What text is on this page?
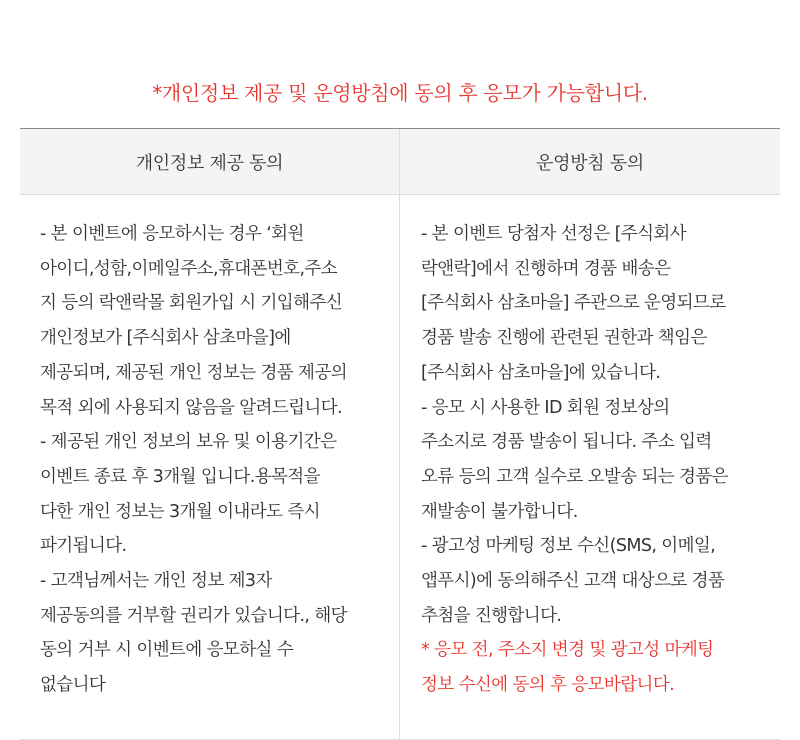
*개인정보 제공 및 운영방침에 동의 후 응모가 가능합니다.
개인정보 제공 동의	운영방침 동의
- 본 이벤트에 응모하시는 경우 ‘회원
아이디,성함,이메일주소,휴대폰번호,주소
지 등의 락앤락몰 회원가입 시 기입해주신
개인정보가 [주식회사 삼초마을]에
제공되며, 제공된 개인 정보는 경품 제공의
목적 외에 사용되지 않음을 알려드립니다.
- 제공된 개인 정보의 보유 및 이용기간은
이벤트 종료 후 3개월 입니다.용목적을
다한 개인 정보는 3개월 이내라도 즉시
파기됩니다.
- 고객님께서는 개인 정보 제3자
제공동의를 거부할 권리가 있습니다., 해당
동의 거부 시 이벤트에 응모하실 수
없습니다
- 본 이벤트 당첨자 선정은 [주식회사
락앤락]에서 진행하며 경품 배송은
[주식회사 삼초마을] 주관으로 운영되므로
경품 발송 진행에 관련된 권한과 책임은
[주식회사 삼초마을]에 있습니다.
- 응모 시 사용한 ID 회원 정보상의
주소지로 경품 발송이 됩니다. 주소 입력
오류 등의 고객 실수로 오발송 되는 경품은
재발송이 불가합니다.
- 광고성 마케팅 정보 수신(SMS, 이메일,
앱푸시)에 동의해주신 고객 대상으로 경품
추첨을 진행합니다.
* 응모 전, 주소지 변경 및 광고성 마케팅
정보 수신에 동의 후 응모바랍니다.
